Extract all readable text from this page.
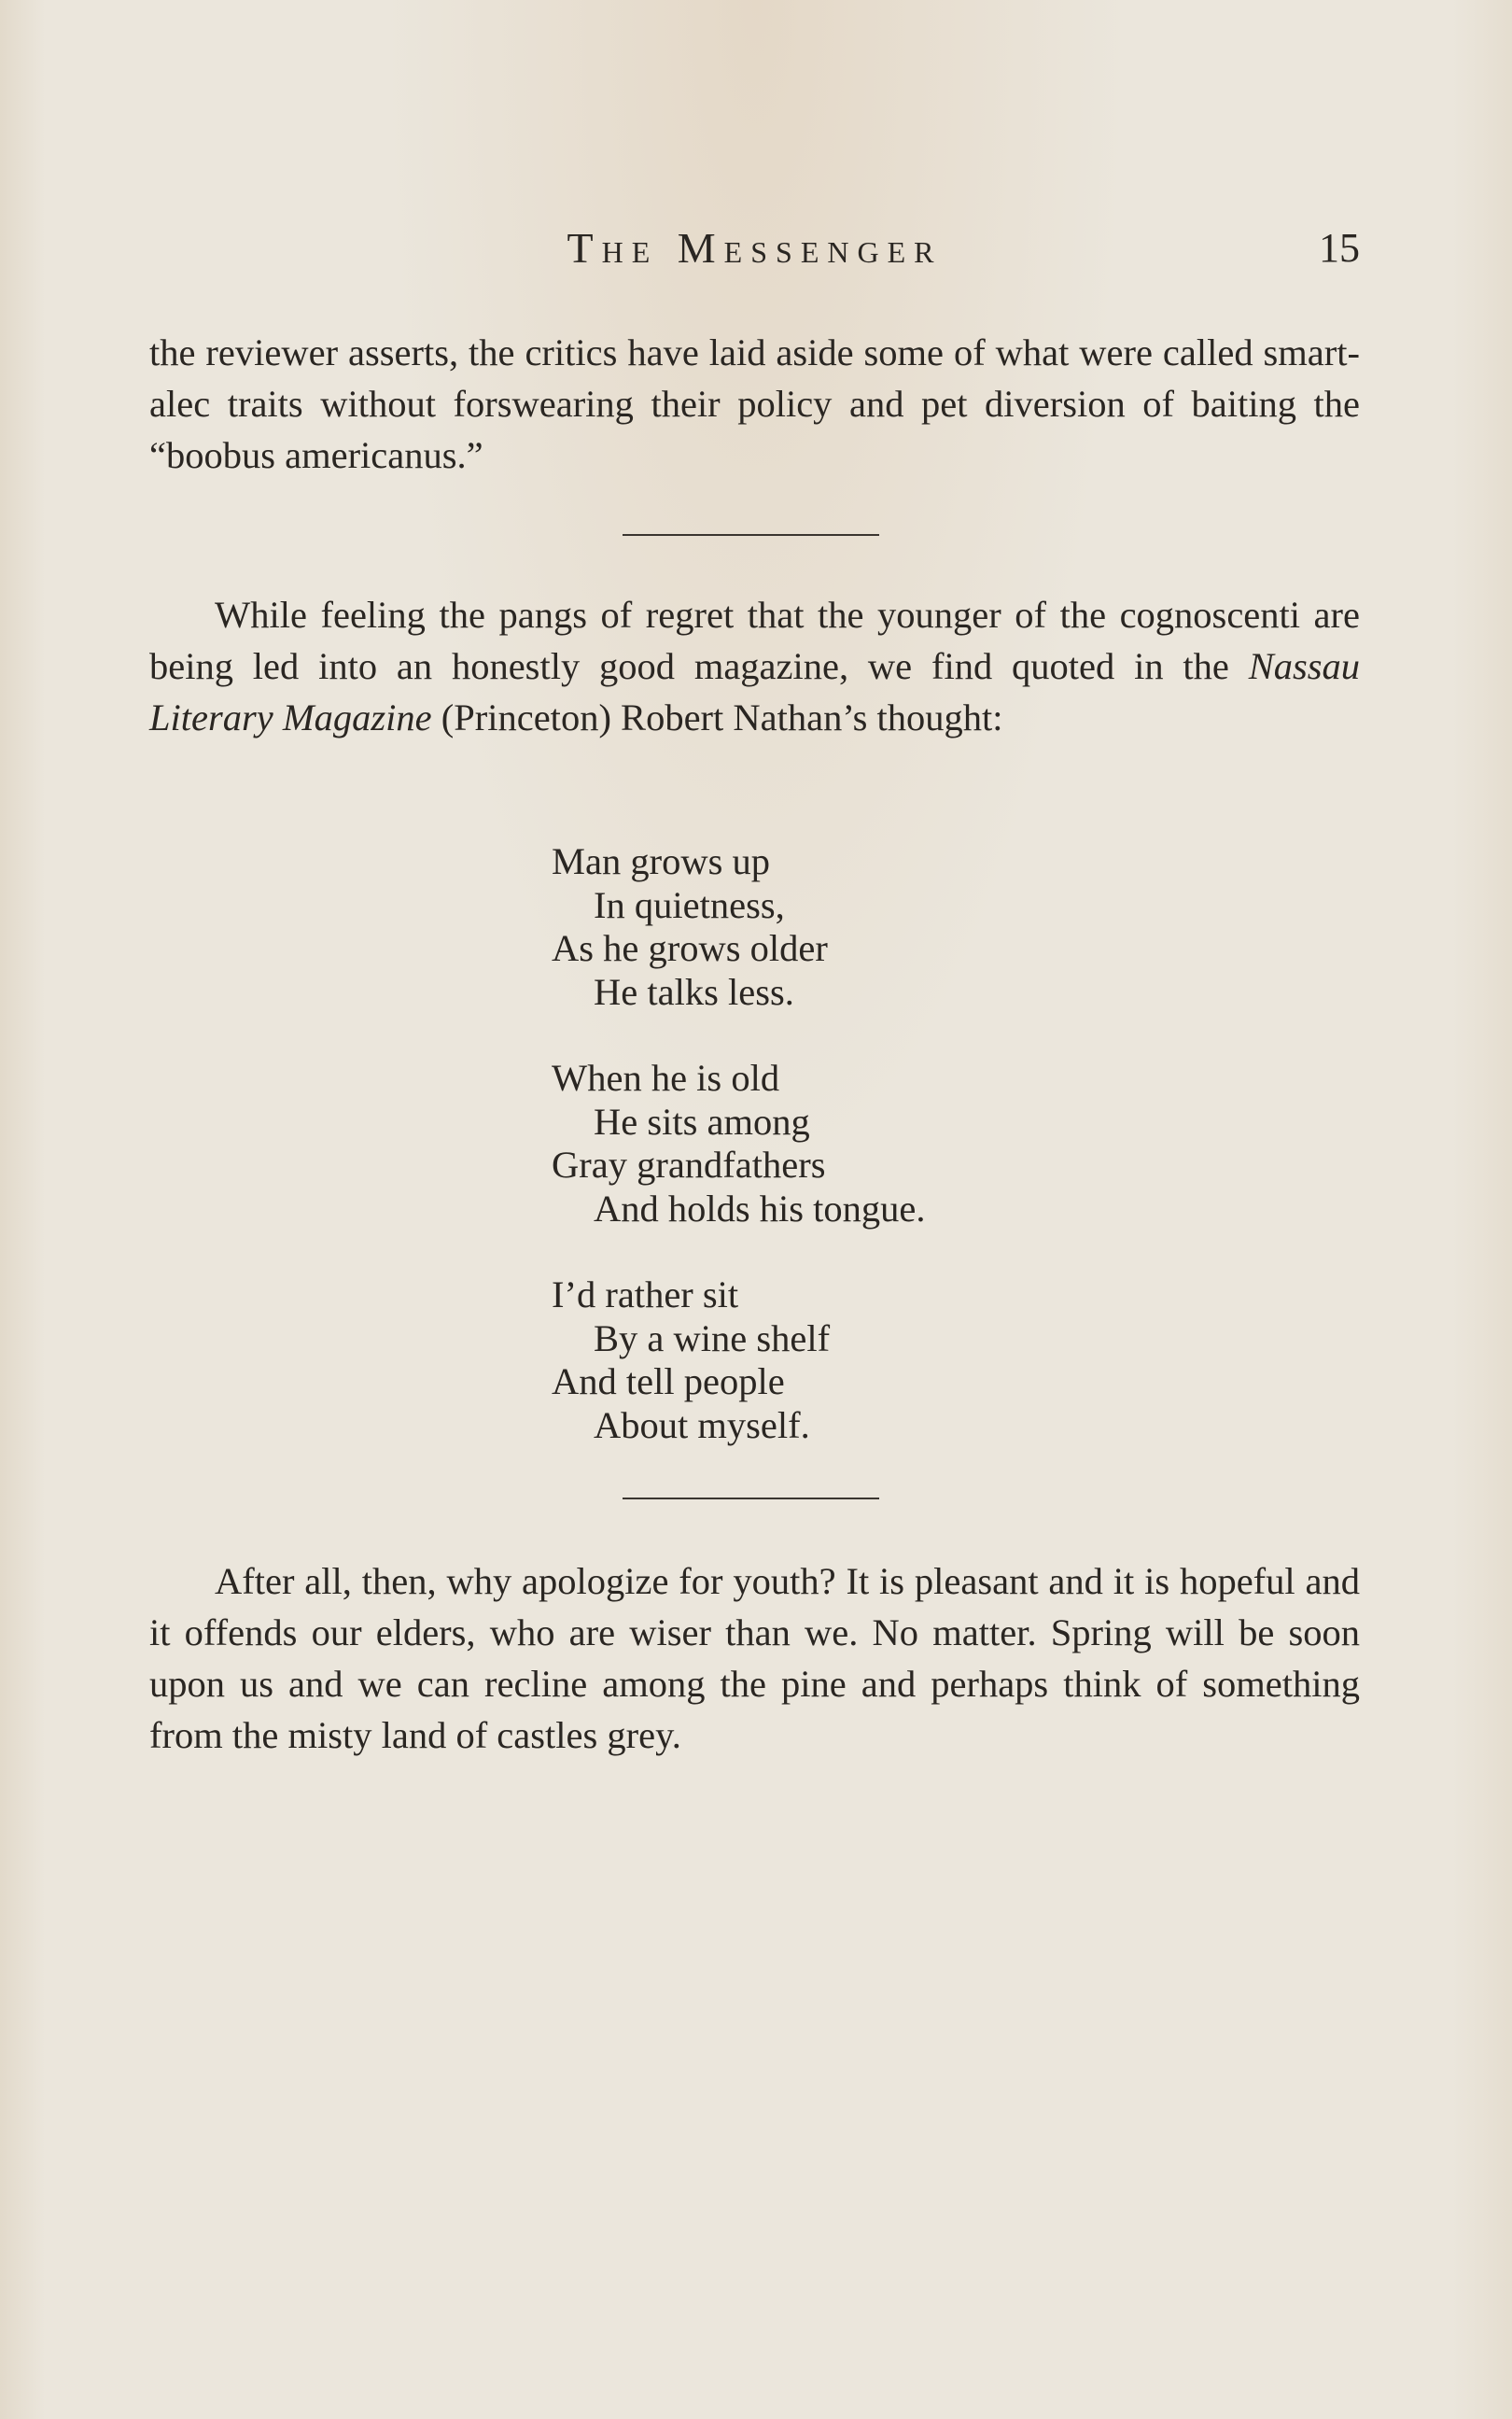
The Messenger	15

the reviewer asserts, the critics have laid aside some of what were called smart-alec traits without forswearing their policy and pet diversion of baiting the “boobus americanus.”

While feeling the pangs of regret that the younger of the cognoscenti are being led into an honestly good magazine, we find quoted in the Nassau Literary Magazine (Princeton) Robert Nathan’s thought:

Man grows up
In quietness,
As he grows older
He talks less.
When he is old
He sits among
Gray grandfathers
And holds his tongue.
I’d rather sit
By a wine shelf
And tell people
About myself.

After all, then, why apologize for youth? It is pleasant and it is hopeful and it offends our elders, who are wiser than we. No matter. Spring will be soon upon us and we can recline among the pine and perhaps think of something from the misty land of castles grey.
